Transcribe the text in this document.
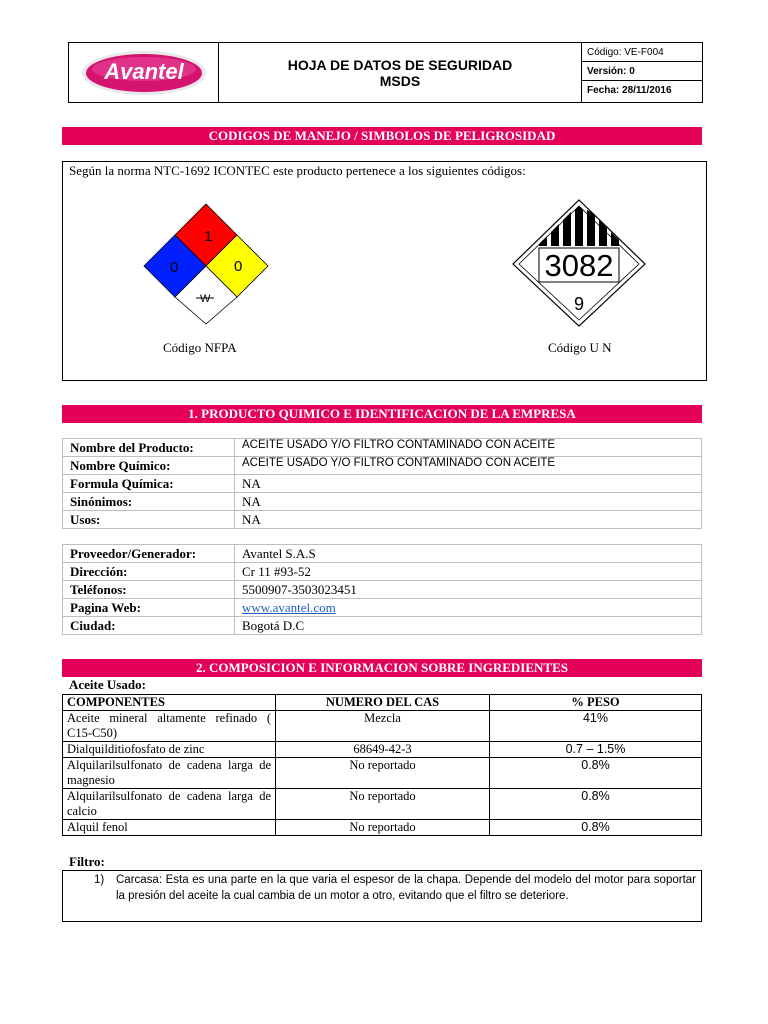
Avantel	HOJA DE DATOS DE SEGURIDAD
MSDS
Código: VE-F004
Versión: 0
Fecha: 28/11/2016
CODIGOS DE MANEJO / SIMBOLOS DE PELIGROSIDAD
Según la norma NTC-1692 ICONTEC este producto pertenece a los siguientes códigos:
1
0	0
W
Código NFPA
3082
9
Código U N
1. PRODUCTO QUIMICO E IDENTIFICACION DE LA EMPRESA
Nombre del Producto:	ACEITE USADO Y/O FILTRO CONTAMINADO CON ACEITE
Nombre Químico:	ACEITE USADO Y/O FILTRO CONTAMINADO CON ACEITE
Formula Química:	NA
Sinónimos:	NA
Usos:	NA
Proveedor/Generador:	Avantel S.A.S
Dirección:	Cr 11 #93-52
Teléfonos:	5500907-3503023451
Pagina Web:	www.avantel.com
Ciudad:	Bogotá D.C
2. COMPOSICION E INFORMACION SOBRE INGREDIENTES
Aceite Usado:
COMPONENTES	NUMERO DEL CAS	% PESO
Aceite mineral altamente refinado ( C15-C50)	Mezcla	41%
Dialquilditiofosfato de zinc	68649-42-3	0.7 – 1.5%
Alquilarilsulfonato de cadena larga de magnesio	No reportado	0.8%
Alquilarilsulfonato de cadena larga de calcio	No reportado	0.8%
Alquil fenol	No reportado	0.8%
Filtro:
1) Carcasa: Esta es una parte en la que varia el espesor de la chapa. Depende del modelo del motor para soportar la presión del aceite la cual cambia de un motor a otro, evitando que el filtro se deteriore.
